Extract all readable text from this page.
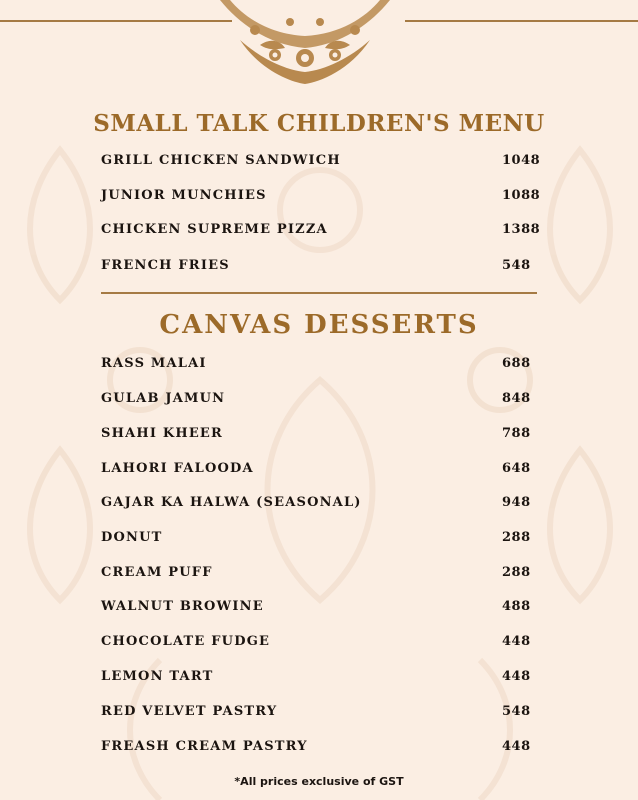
SMALL TALK CHILDREN'S MENU
GRILL CHICKEN SANDWICH	1048
JUNIOR MUNCHIES	1088
CHICKEN SUPREME PIZZA	1388
FRENCH FRIES	548
CANVAS DESSERTS
RASS MALAI	688
GULAB JAMUN	848
SHAHI KHEER	788
LAHORI FALOODA	648
GAJAR KA HALWA (SEASONAL)	948
DONUT	288
CREAM PUFF	288
WALNUT BROWINE	488
CHOCOLATE FUDGE	448
LEMON TART	448
RED VELVET PASTRY	548
FREASH CREAM PASTRY	448
*All prices exclusive of GST
